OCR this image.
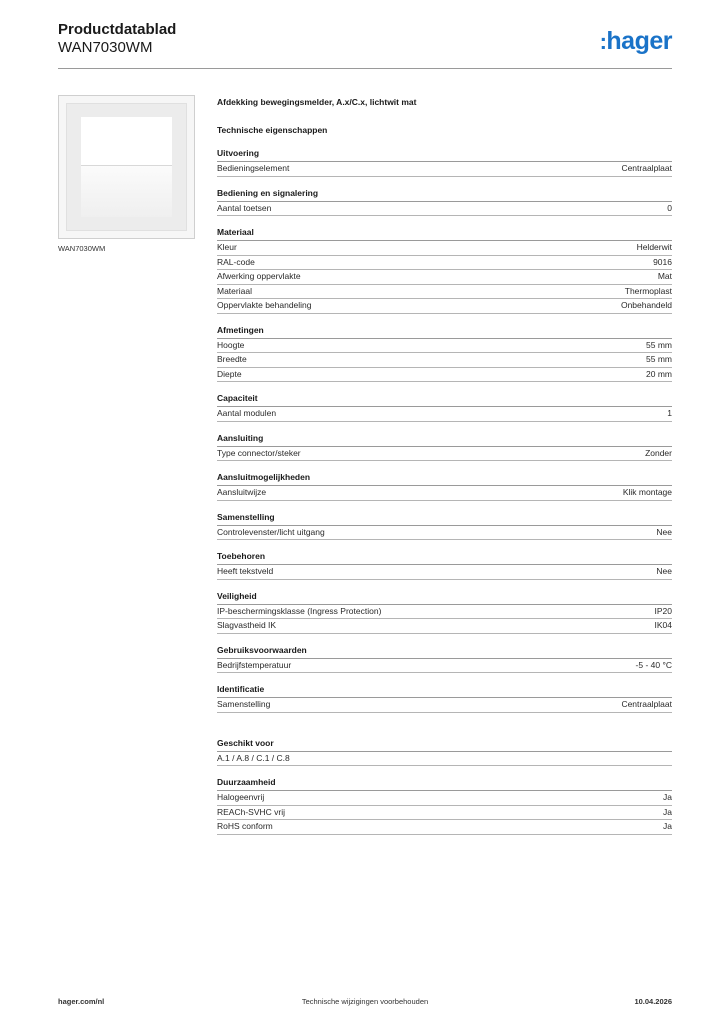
Productdatablad
WAN7030WM	:hager
WAN7030WM
Afdekking bewegingsmelder, A.x/C.x, lichtwit mat
Technische eigenschappen
Uitvoering
Bedieningselement	Centraalplaat
Bediening en signalering
Aantal toetsen	0
Materiaal
Kleur	Helderwit
RAL-code	9016
Afwerking oppervlakte	Mat
Materiaal	Thermoplast
Oppervlakte behandeling	Onbehandeld
Afmetingen
Hoogte	55 mm
Breedte	55 mm
Diepte	20 mm
Capaciteit
Aantal modulen	1
Aansluiting
Type connector/steker	Zonder
Aansluitmogelijkheden
Aansluitwijze	Klik montage
Samenstelling
Controlevenster/licht uitgang	Nee
Toebehoren
Heeft tekstveld	Nee
Veiligheid
IP-beschermingsklasse (Ingress Protection)	IP20
Slagvastheid IK	IK04
Gebruiksvoorwaarden
Bedrijfstemperatuur	-5 - 40 °C
Identificatie
Samenstelling	Centraalplaat
Geschikt voor
A.1 / A.8 / C.1 / C.8
Duurzaamheid
Halogeenvrij	Ja
REACh-SVHC vrij	Ja
RoHS conform	Ja
hager.com/nl	Technische wijzigingen voorbehouden	10.04.2026
